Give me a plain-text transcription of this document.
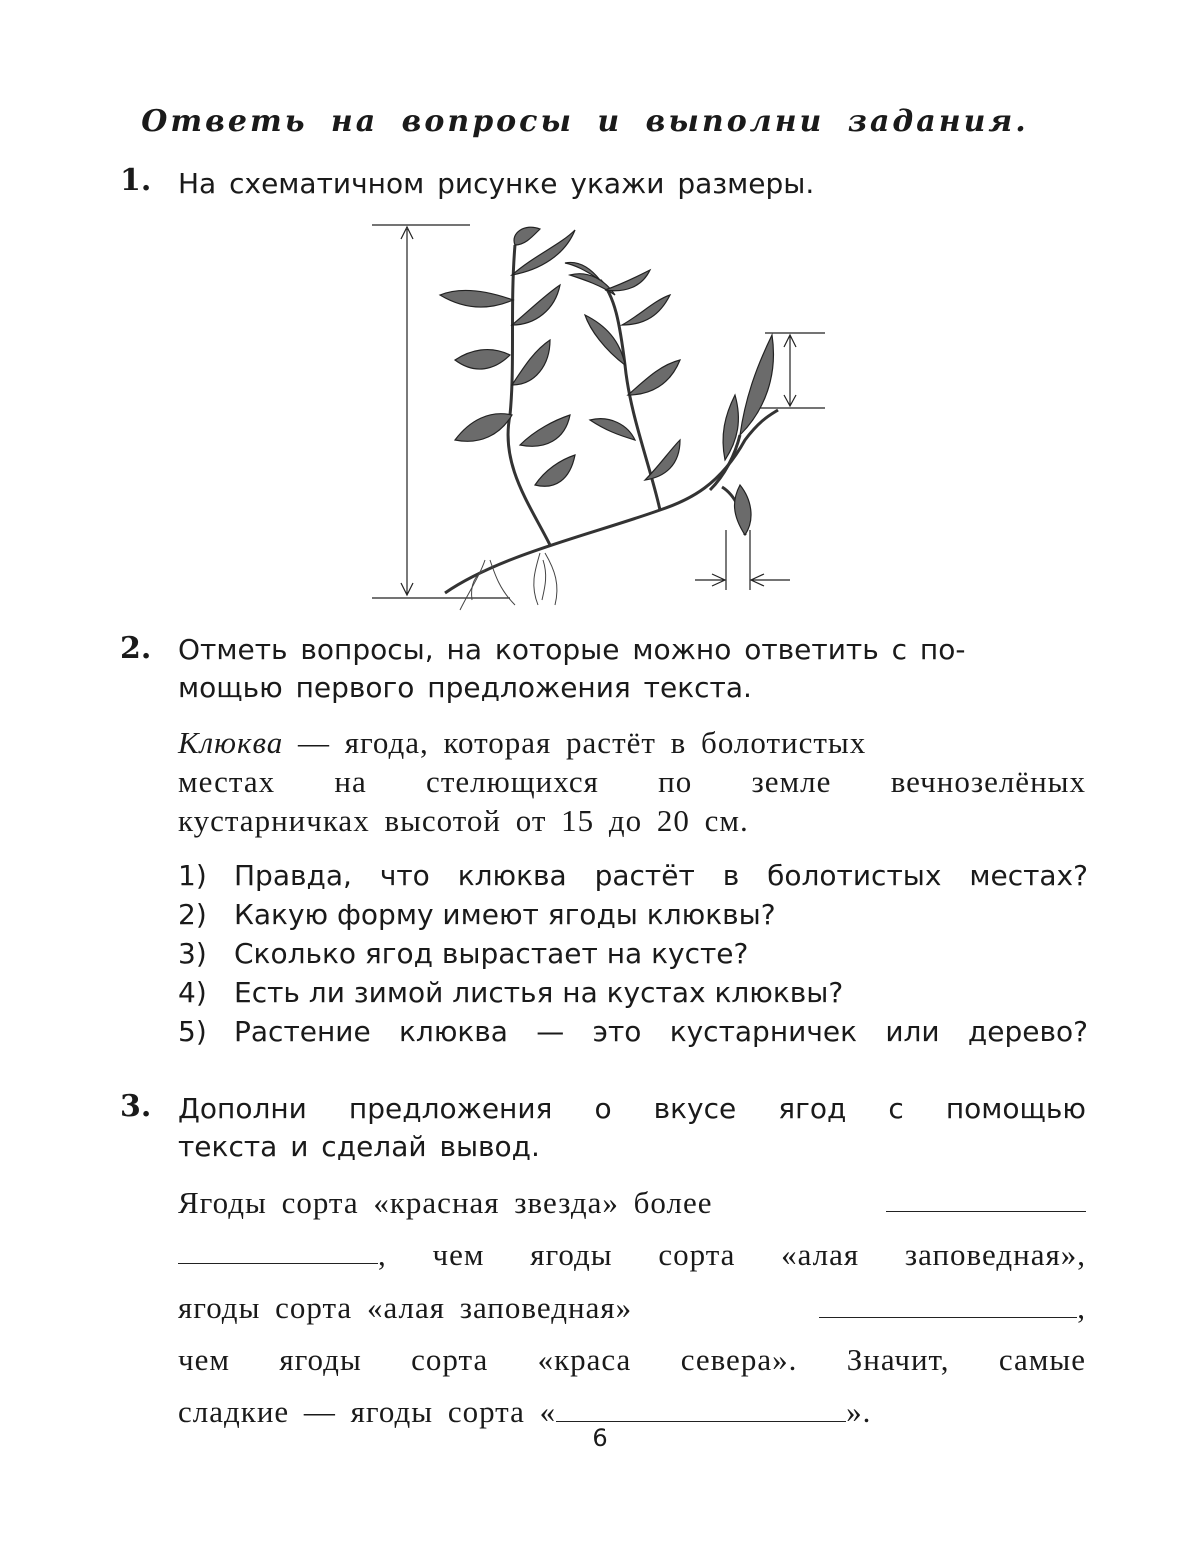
Ответь на вопросы и выполни задания.
1. На схематичном рисунке укажи размеры.
2. Отметь вопросы, на которые можно ответить с по-
мощью первого предложения текста.
Клюква — ягода, которая растёт в болотистых
местах на стелющихся по земле вечнозелёных
кустарничках высотой от 15 до 20 см.
1) Правда, что клюква растёт в болотистых местах?
2) Какую форму имеют ягоды клюквы?
3) Сколько ягод вырастает на кусте?
4) Есть ли зимой листья на кустах клюквы?
5) Растение клюква — это кустарничек или дерево?
3. Дополни предложения о вкусе ягод с помощью
текста и сделай вывод.
Ягоды сорта «красная звезда» более
, чем ягоды сорта «алая заповедная»,
ягоды сорта «алая заповедная»	,
чем ягоды сорта «краса севера». Значит, самые
сладкие — ягоды сорта «	».
6
